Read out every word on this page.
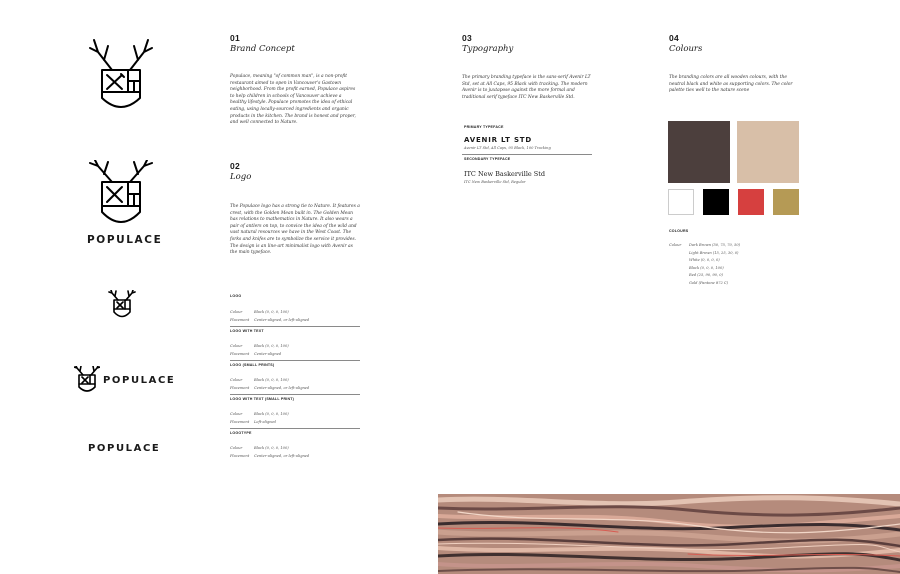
POPULACE
POPULACE
POPULACE
01
Brand Concept
Populace, meaning "of common man", is a non-profit restaurant aimed to open in Vancouver's Gastown neighborhood. From the profit earned, Populace aspires to help children in schools of Vancouver achieve a healthy lifestyle. Populace promotes the idea of ethical eating, using locally-sourced ingredients and organic products in the kitchen. The brand is honest and proper, and well connected to Nature.
02
Logo
The Populace logo has a strong tie to Nature. It features a crest, with the Golden Mean built in. The Golden Mean has relations to mathematics in Nature. It also wears a pair of antlers on top, to convice the idea of the wild and vast natural resources we have in the West Coast. The forks and knifes are to symbolize the service it provides. The design is an line-art minimalist logo with Avenir as the main typeface.
LOGO
Colour	Black (0, 0, 0, 100)
Placement Center-aligned, or left-aligned
LOGO WITH TEXT
Colour	Black (0, 0, 0, 100)
Placement Center-aligned
LOGO (SMALL PRINTS)
Colour	Black (0, 0, 0, 100)
Placement Center-aligned, or left-aligned
LOGO WITH TEXT (SMALL PRINT)
Colour	Black (0, 0, 0, 100)
Placement Left-aligned
LOGOTYPE
Colour	Black (0, 0, 0, 100)
Placement Center-aligned, or left-aligned
03
Typography
The primary branding typeface is the sans-serif Avenir LT Std, set at All Caps, 95 Black with tracking. The modern Avenir is to juxtapose against the more formal and traditional serif typeface ITC New Baskerville Std.
PRIMARY TYPEFACE
AVENIR LT STD
Avenir LT Std, All Caps, 95 Black, 100 Tracking
SECONDARY TYPEFACE
ITC New Baskerville Std
ITC New Baskerville Std, Regular
04
Colours
The branding colors are all wooden colours, with the neutral black and white as supporting colors. The color palette ties well to the nature scene
COLOURS
Colour Dark Brown (50, 75, 70, 50)
Light Brown (15, 25, 30, 0)
White (0, 0, 0, 0)
Black (0, 0, 0, 100)
Red (25, 90, 90, 0)
Gold (Pantone 872 C)
